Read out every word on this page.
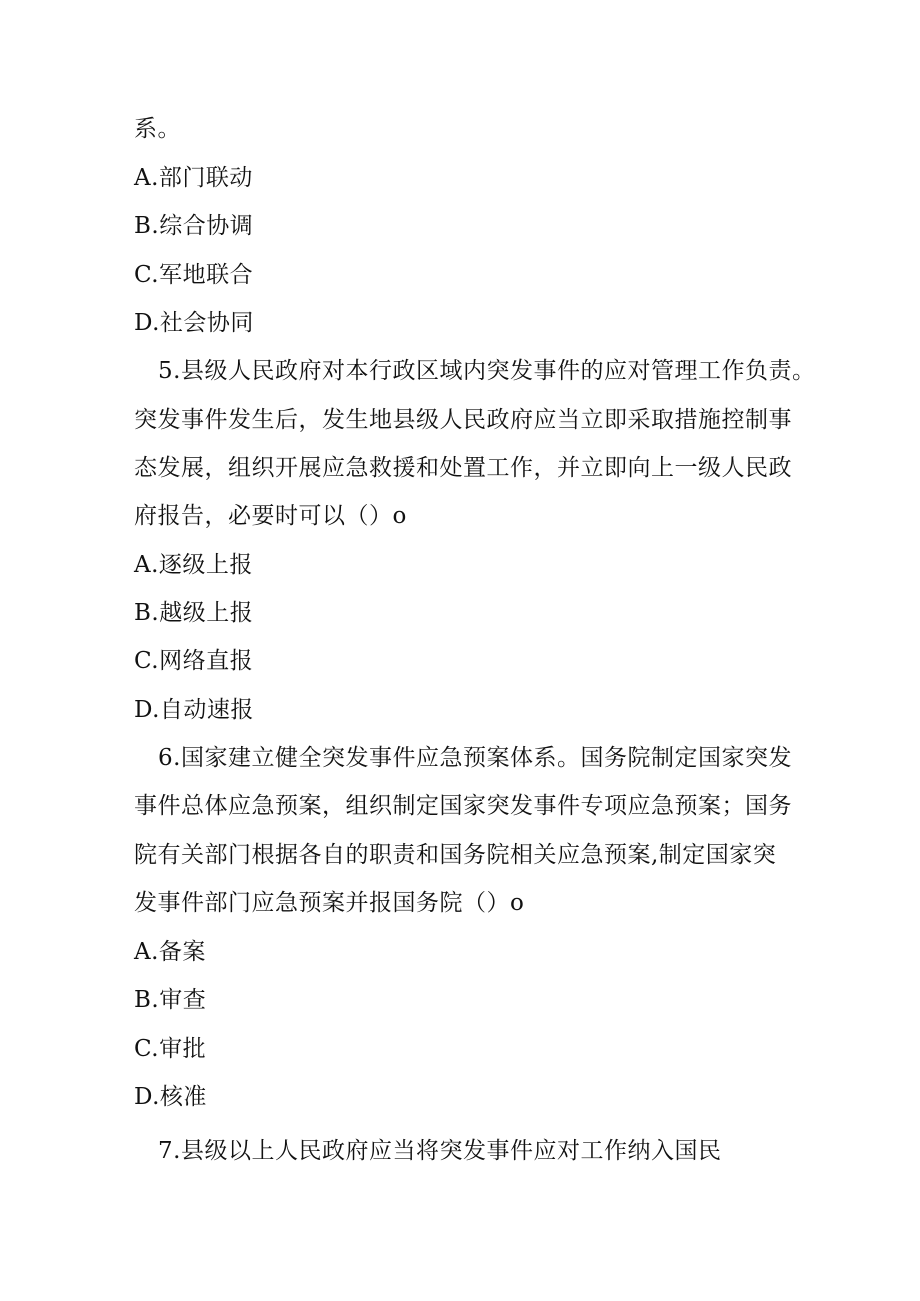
系。
A.部门联动
B.综合协调
C.军地联合
D.社会协同
5.县级人民政府对本行政区域内突发事件的应对管理工作负责。
突发事件发生后，发生地县级人民政府应当立即采取措施控制事
态发展，组织开展应急救援和处置工作，并立即向上一级人民政
府报告，必要时可以（）o
A.逐级上报
B.越级上报
C.网络直报
D.自动速报
6.国家建立健全突发事件应急预案体系。国务院制定国家突发
事件总体应急预案，组织制定国家突发事件专项应急预案；国务
院有关部门根据各自的职责和国务院相关应急预案,制定国家突
发事件部门应急预案并报国务院（）o
A.备案
B.审查
C.审批
D.核准
7.县级以上人民政府应当将突发事件应对工作纳入国民
